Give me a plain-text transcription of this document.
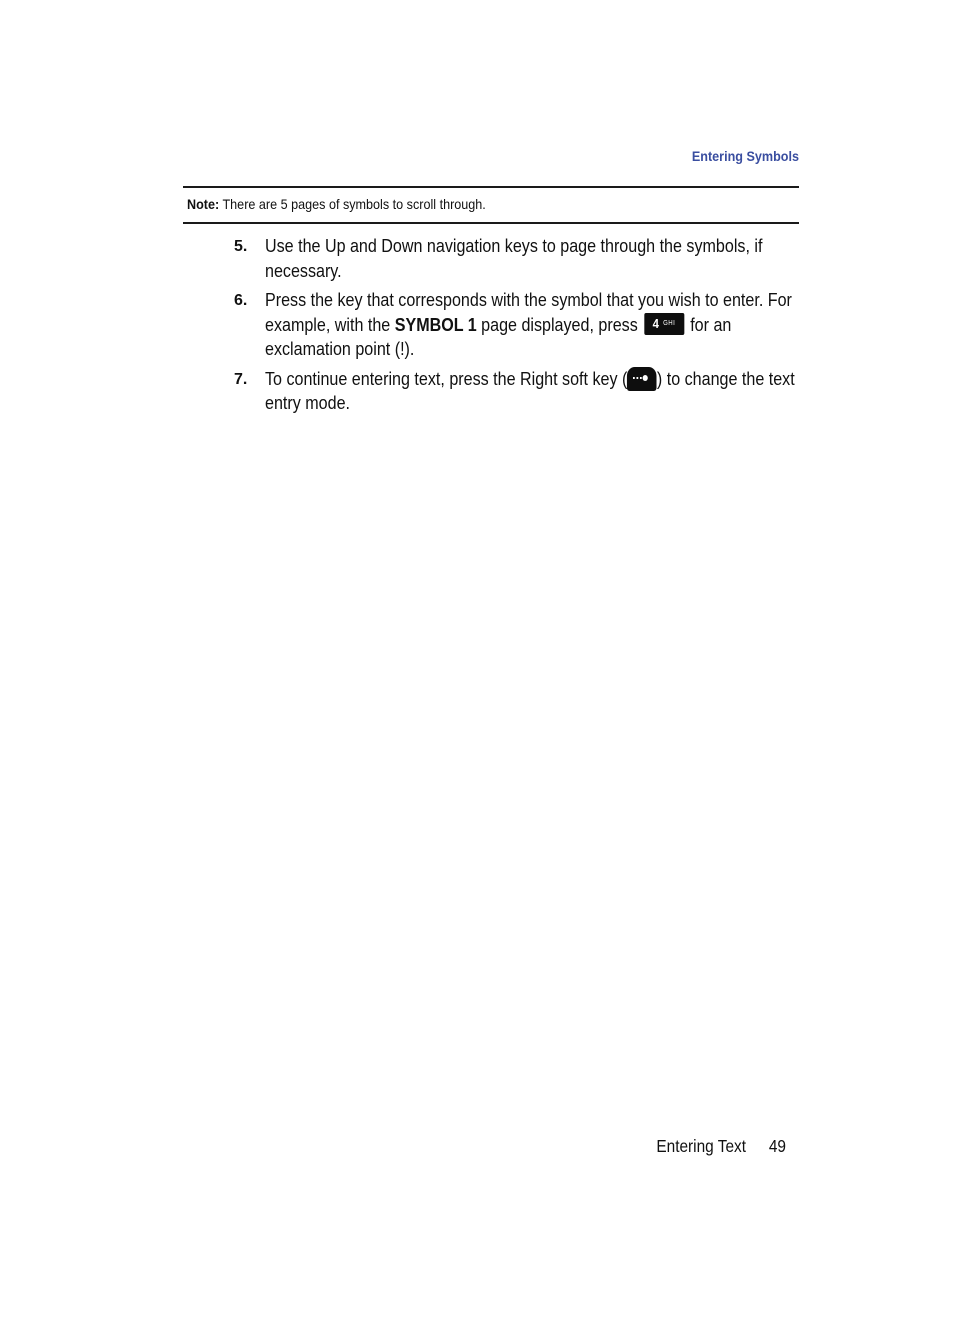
Entering Symbols
Note: There are 5 pages of symbols to scroll through.
5. Use the Up and Down navigation keys to page through the symbols, if
necessary.
6. Press the key that corresponds with the symbol that you wish to enter. For
example, with the SYMBOL 1 page displayed, press 4 GHI for an
exclamation point (!).
7. To continue entering text, press the Right soft key ( ) to change the text
entry mode.
Entering Text 49
